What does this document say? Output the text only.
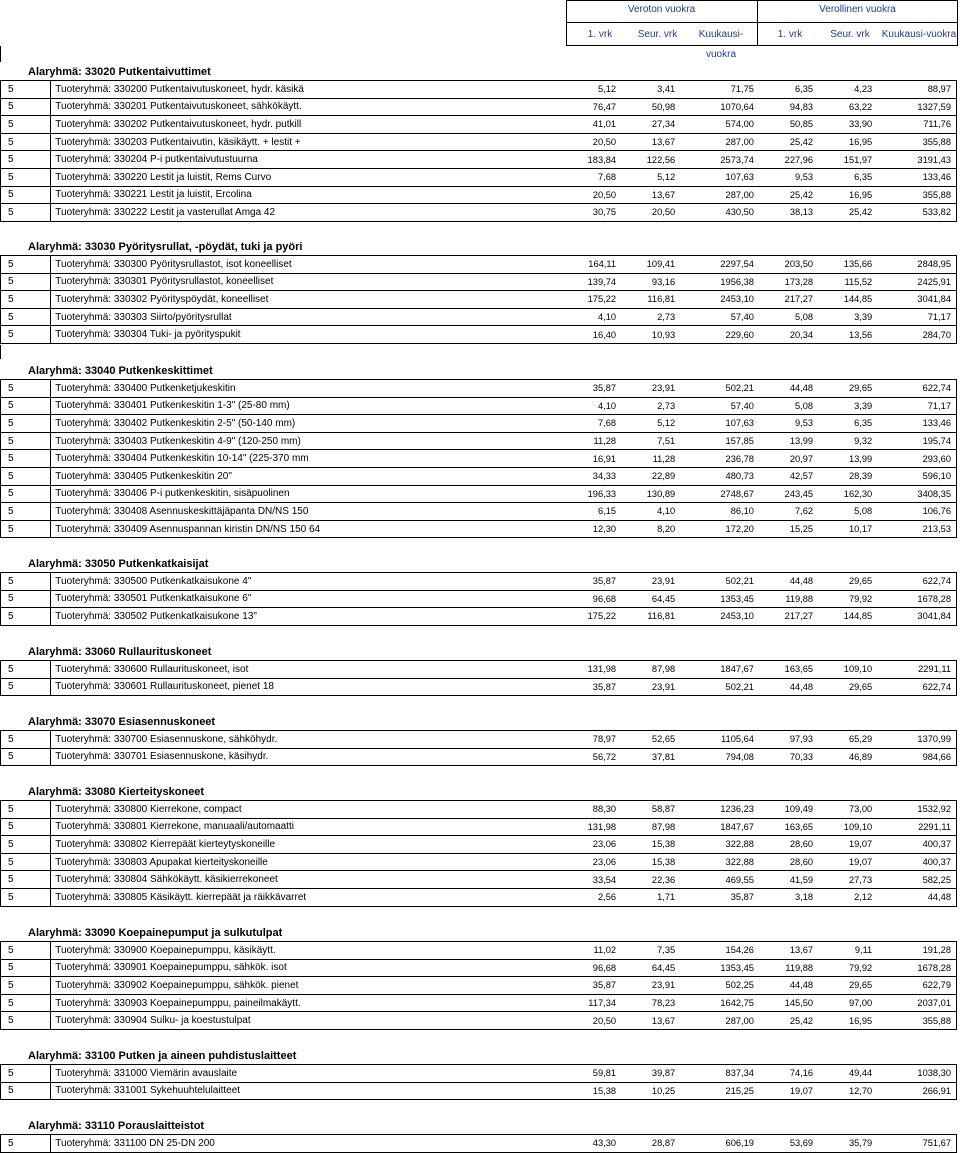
Veroton vuokra	Verollinen vuokra
1. vrk	Seur. vrk	Kuukausi-vuokra
1. vrk	Seur. vrk	Kuukausi-vuokra
Alaryhmä: 33020 Putkentaivuttimet
5	Tuoteryhmä: 330200 Putkentaivutuskoneet, hydr. käsikä	5,12	3,41	71,75	6,35	4,23	88,97
5	Tuoteryhmä: 330201 Putkentaivutuskoneet, sähkökäytt.	76,47	50,98	1070,64	94,83	63,22	1327,59
5	Tuoteryhmä: 330202 Putkentaivutuskoneet, hydr. putkill	41,01	27,34	574,00	50,85	33,90	711,76
5	Tuoteryhmä: 330203 Putkentaivutin, käsikäytt. + lestit +	20,50	13,67	287,00	25,42	16,95	355,88
5	Tuoteryhmä: 330204 P-i putkentaivutustuurna	183,84	122,56	2573,74	227,96	151,97	3191,43
5	Tuoteryhmä: 330220 Lestit ja luistit, Rems Curvo	7,68	5,12	107,63	9,53	6,35	133,46
5	Tuoteryhmä: 330221 Lestit ja luistit, Ercolina	20,50	13,67	287,00	25,42	16,95	355,88
5	Tuoteryhmä: 330222 Lestit ja vasterullat Amga 42	30,75	20,50	430,50	38,13	25,42	533,82
Alaryhmä: 33030 Pyöritysrullat, -pöydät, tuki ja pyöri
5	Tuoteryhmä: 330300 Pyöritysrullastot, isot koneelliset	164,11	109,41	2297,54	203,50	135,66	2848,95
5	Tuoteryhmä: 330301 Pyöritysrullastot, koneelliset	139,74	93,16	1956,38	173,28	115,52	2425,91
5	Tuoteryhmä: 330302 Pyörityspöydät, koneelliset	175,22	116,81	2453,10	217,27	144,85	3041,84
5	Tuoteryhmä: 330303 Siirto/pyöritysrullat	4,10	2,73	57,40	5,08	3,39	71,17
5	Tuoteryhmä: 330304 Tuki- ja pyörityspukit	16,40	10,93	229,60	20,34	13,56	284,70
Alaryhmä: 33040 Putkenkeskittimet
5	Tuoteryhmä: 330400 Putkenketjukeskitin	35,87	23,91	502,21	44,48	29,65	622,74
5	Tuoteryhmä: 330401 Putkenkeskitin 1-3" (25-80 mm)	4,10	2,73	57,40	5,08	3,39	71,17
5	Tuoteryhmä: 330402 Putkenkeskitin 2-5" (50-140 mm)	7,68	5,12	107,63	9,53	6,35	133,46
5	Tuoteryhmä: 330403 Putkenkeskitin 4-9" (120-250 mm)	11,28	7,51	157,85	13,99	9,32	195,74
5	Tuoteryhmä: 330404 Putkenkeskitin 10-14" (225-370 mm	16,91	11,28	236,78	20,97	13,99	293,60
5	Tuoteryhmä: 330405 Putkenkeskitin 20"	34,33	22,89	480,73	42,57	28,39	596,10
5	Tuoteryhmä: 330406 P-i putkenkeskitin, sisäpuolinen	196,33	130,89	2748,67	243,45	162,30	3408,35
5	Tuoteryhmä: 330408 Asennuskeskittäjäpanta DN/NS 150	6,15	4,10	86,10	7,62	5,08	106,76
5	Tuoteryhmä: 330409 Asennuspannan kiristin DN/NS 150 64	12,30	8,20	172,20	15,25	10,17	213,53
Alaryhmä: 33050 Putkenkatkaisijat
5	Tuoteryhmä: 330500 Putkenkatkaisukone 4"	35,87	23,91	502,21	44,48	29,65	622,74
5	Tuoteryhmä: 330501 Putkenkatkaisukone 6"	96,68	64,45	1353,45	119,88	79,92	1678,28
5	Tuoteryhmä: 330502 Putkenkatkaisukone 13"	175,22	116,81	2453,10	217,27	144,85	3041,84
Alaryhmä: 33060 Rullaurituskoneet
5	Tuoteryhmä: 330600 Rullaurituskoneet, isot	131,98	87,98	1847,67	163,65	109,10	2291,11
5	Tuoteryhmä: 330601 Rullaurituskoneet, pienet 18	35,87	23,91	502,21	44,48	29,65	622,74
Alaryhmä: 33070 Esiasennuskoneet
5	Tuoteryhmä: 330700 Esiasennuskone, sähköhydr.	78,97	52,65	1105,64	97,93	65,29	1370,99
5	Tuoteryhmä: 330701 Esiasennuskone, käsihydr.	56,72	37,81	794,08	70,33	46,89	984,66
Alaryhmä: 33080 Kierteityskoneet
5	Tuoteryhmä: 330800 Kierrekone, compact	88,30	58,87	1236,23	109,49	73,00	1532,92
5	Tuoteryhmä: 330801 Kierrekone, manuaali/automaatti	131,98	87,98	1847,67	163,65	109,10	2291,11
5	Tuoteryhmä: 330802 Kierrepäät kierteytyskoneille	23,06	15,38	322,88	28,60	19,07	400,37
5	Tuoteryhmä: 330803 Apupakat kierteityskoneille	23,06	15,38	322,88	28,60	19,07	400,37
5	Tuoteryhmä: 330804 Sähkökäytt. käsikierrekoneet	33,54	22,36	469,55	41,59	27,73	582,25
5	Tuoteryhmä: 330805 Käsikäytt. kierrepäät ja räikkävarret	2,56	1,71	35,87	3,18	2,12	44,48
Alaryhmä: 33090 Koepainepumput ja sulkutulpat
5	Tuoteryhmä: 330900 Koepainepumppu, käsikäytt.	11,02	7,35	154,26	13,67	9,11	191,28
5	Tuoteryhmä: 330901 Koepainepumppu, sähkök. isot	96,68	64,45	1353,45	119,88	79,92	1678,28
5	Tuoteryhmä: 330902 Koepainepumppu, sähkök. pienet	35,87	23,91	502,25	44,48	29,65	622,79
5	Tuoteryhmä: 330903 Koepainepumppu, paineilmakäytt.	117,34	78,23	1642,75	145,50	97,00	2037,01
5	Tuoteryhmä: 330904 Sulku- ja koestustulpat	20,50	13,67	287,00	25,42	16,95	355,88
Alaryhmä: 33100 Putken ja aineen puhdistuslaitteet
5	Tuoteryhmä: 331000 Viemärin avauslaite	59,81	39,87	837,34	74,16	49,44	1038,30
5	Tuoteryhmä: 331001 Sykehuuhtelulaitteet	15,38	10,25	215,25	19,07	12,70	266,91
Alaryhmä: 33110 Porauslaitteistot
5	Tuoteryhmä: 331100 DN 25-DN 200	43,30	28,87	606,19	53,69	35,79	751,67
